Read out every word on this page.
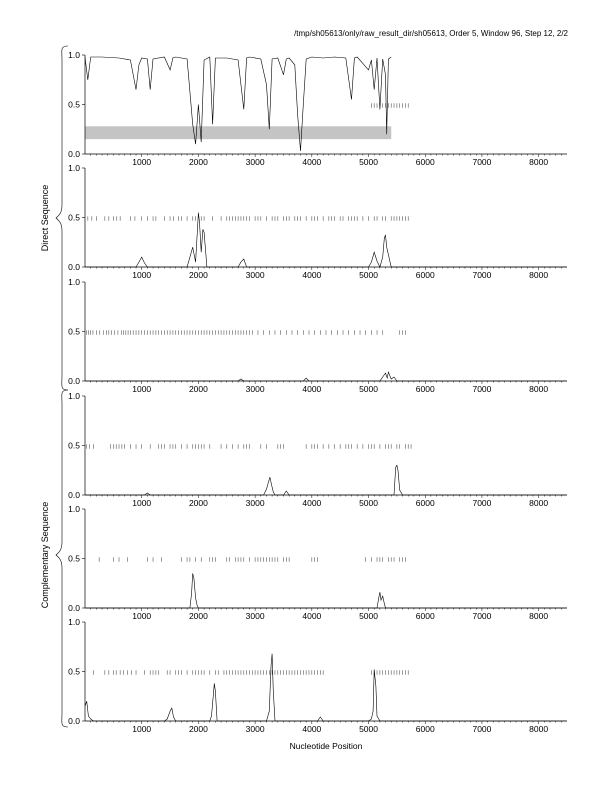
/tmp/sh05613/only/raw_result_dir/sh05613, Order 5, Window 96, Step 12, 2/2
0.0
0.5
1.0
1000	2000	3000	4000	5000	6000	7000	8000
0.0
0.5
1.0
1000	2000	3000	4000	5000	6000	7000	8000
0.0
0.5
1.0
1000	2000	3000	4000	5000	6000	7000	8000
0.0
0.5
1.0
1000	2000	3000	4000	5000	6000	7000	8000
0.0
0.5
1.0
1000	2000	3000	4000	5000	6000	7000	8000
0.0
0.5
1.0
1000	2000	3000	4000	5000	6000	7000	8000
Direct Sequence
Complementary Sequence
Nucleotide Position
